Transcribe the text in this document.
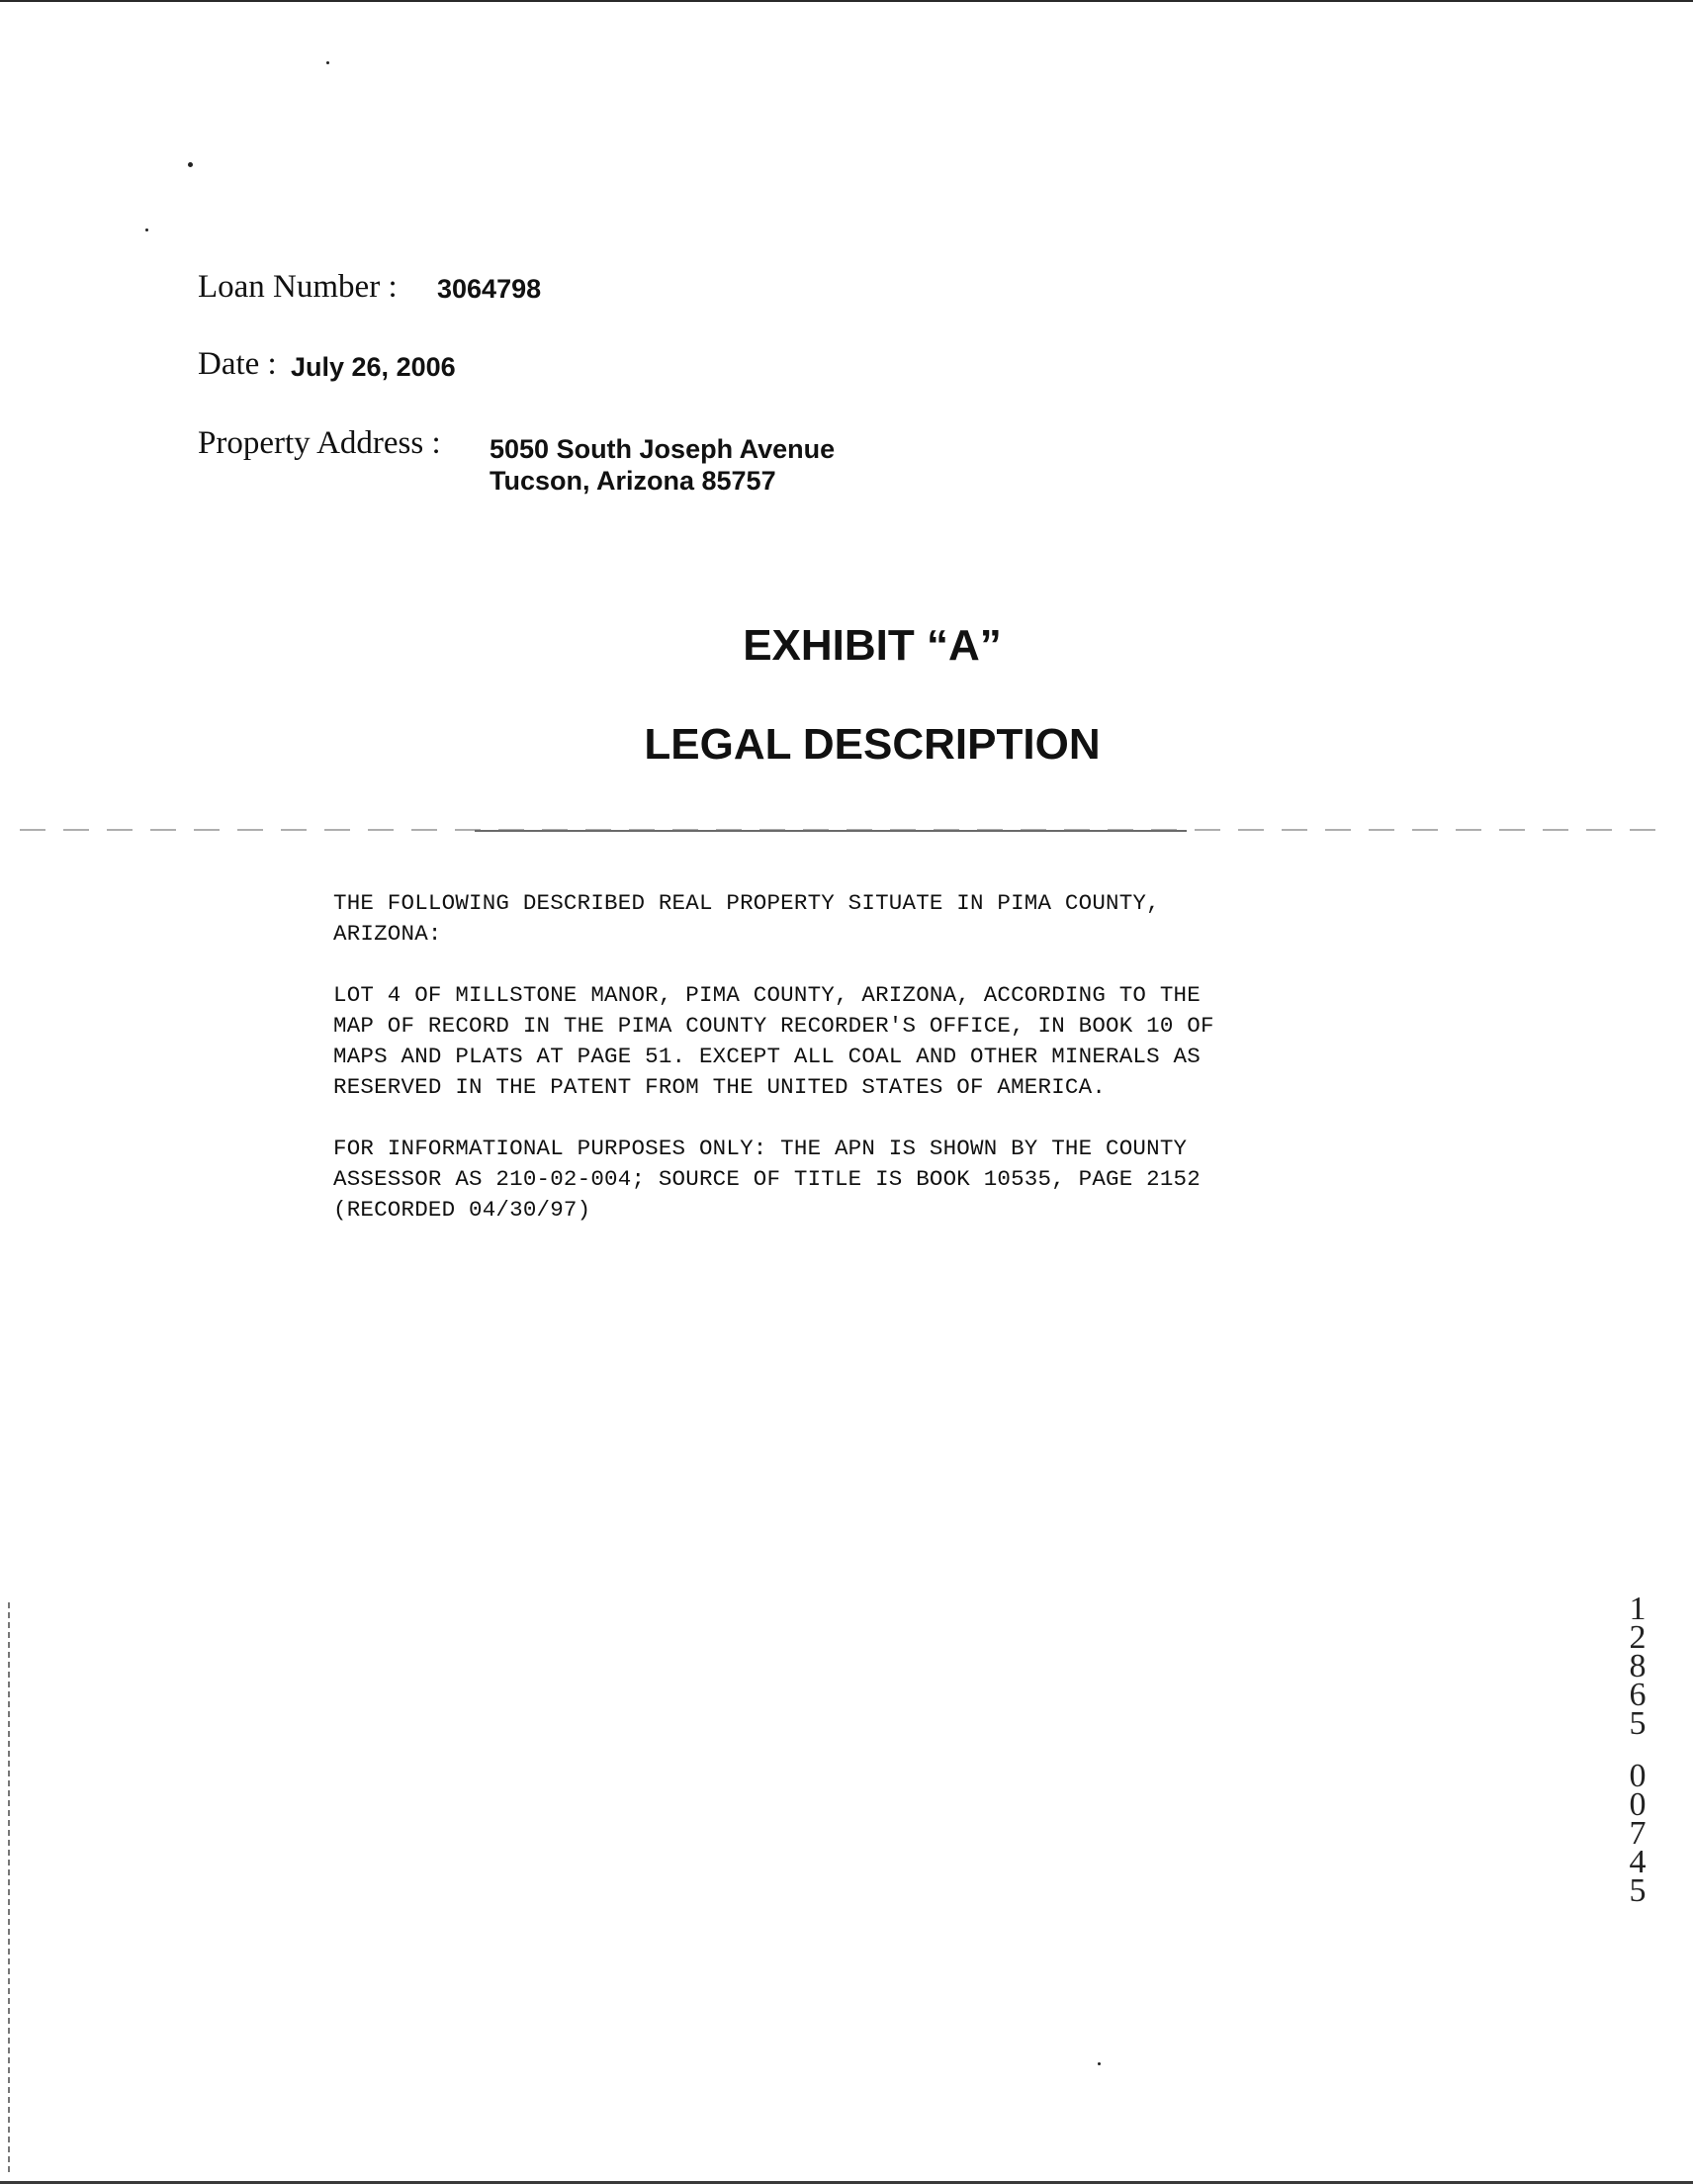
Loan Number : 3064798
Date : July 26, 2006
Property Address : 5050 South Joseph Avenue
Tucson, Arizona 85757
EXHIBIT “A”
LEGAL DESCRIPTION

THE FOLLOWING DESCRIBED REAL PROPERTY SITUATE IN PIMA COUNTY,
ARIZONA:

LOT 4 OF MILLSTONE MANOR, PIMA COUNTY, ARIZONA, ACCORDING TO THE
MAP OF RECORD IN THE PIMA COUNTY RECORDER'S OFFICE, IN BOOK 10 OF
MAPS AND PLATS AT PAGE 51. EXCEPT ALL COAL AND OTHER MINERALS AS
RESERVED IN THE PATENT FROM THE UNITED STATES OF AMERICA.

FOR INFORMATIONAL PURPOSES ONLY: THE APN IS SHOWN BY THE COUNTY
ASSESSOR AS 210-02-004; SOURCE OF TITLE IS BOOK 10535, PAGE 2152
(RECORDED 04/30/97)

1
2
8
6
5
0
0
7
4
5
